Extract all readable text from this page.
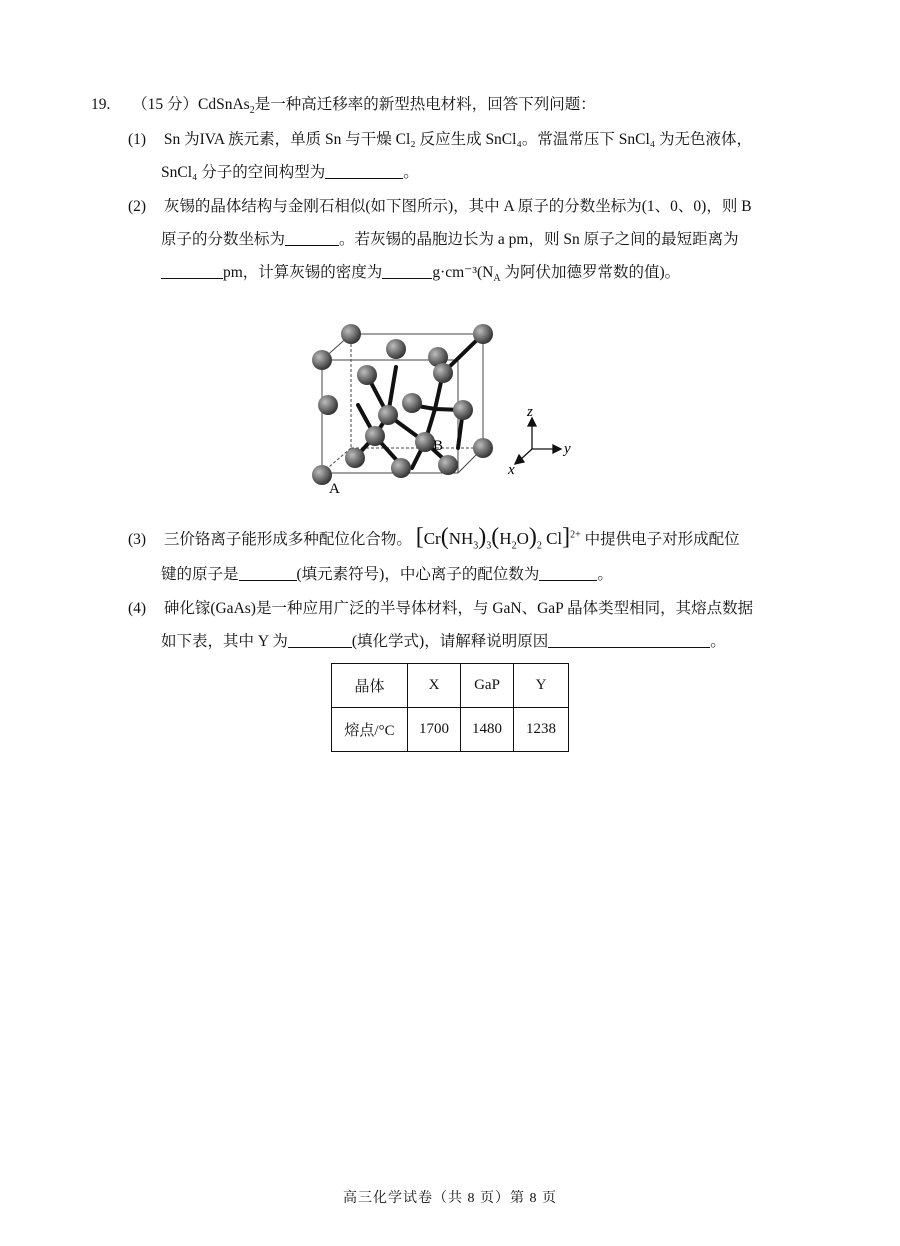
19. （15 分）CdSnAs$_2$是一种高迁移率的新型热电材料，回答下列问题：
(1) Sn 为IVA 族元素，单质 Sn 与干燥 Cl₂ 反应生成 SnCl₄。常温常压下 SnCl₄ 为无色液体，
SnCl₄ 分子的空间构型为	。
(2) 灰锡的晶体结构与金刚石相似(如下图所示)，其中 A 原子的分数坐标为(1、0、0)，则 B
原子的分数坐标为	。若灰锡的晶胞边长为 a pm，则 Sn 原子之间的最短距离为
pm，计算灰锡的密度为	$g\cdot cm^{-3}(N_A$ 为阿伏加德罗常数的值)。
A
B
z
y
x
(3) 三价铬离子能形成多种配位化合物。 [$Cr(NH_3)_3(H_2O)_2$ Cl]$^{2+}$ 中提供电子对形成配位
键的原子是	(填元素符号)，中心离子的配位数为	。
(4) 砷化镓(GaAs)是一种应用广泛的半导体材料，与 GaN、GaP 晶体类型相同，其熔点数据
如下表，其中 Y 为	(填化学式)，请解释说明原因	。
晶体	X	GaP	Y
熔点/°C	1700	1480	1238
高三化学试卷（共 8 页）第 8 页
